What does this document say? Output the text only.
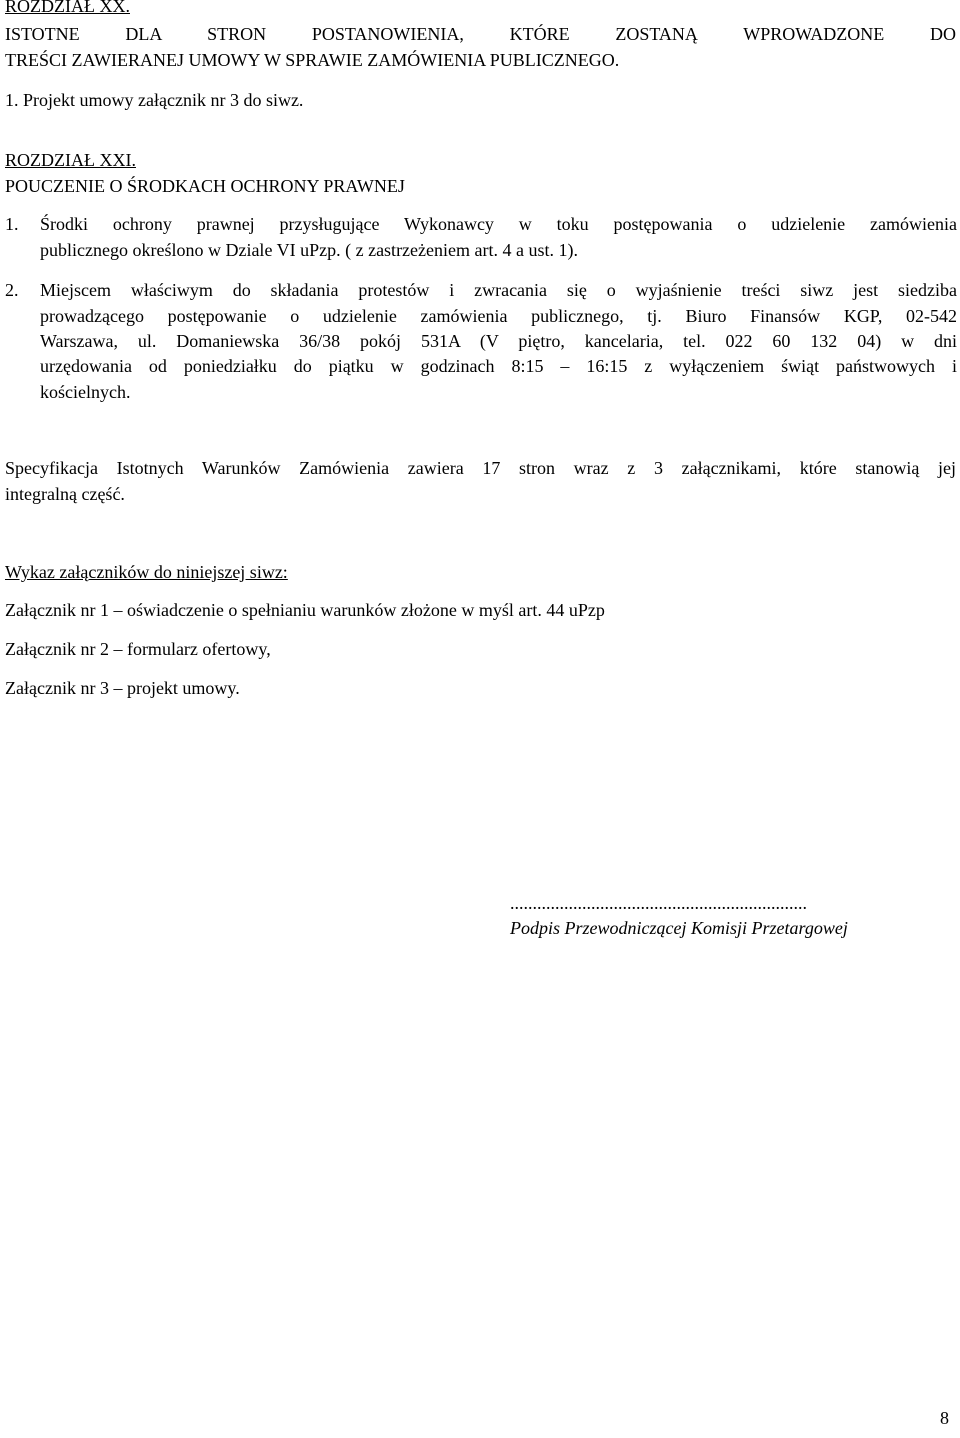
ROZDZIAŁ XX.
ISTOTNE DLA STRON POSTANOWIENIA, KTÓRE ZOSTANĄ WPROWADZONE DO
TREŚCI ZAWIERANEJ UMOWY W SPRAWIE ZAMÓWIENIA PUBLICZNEGO.
1. Projekt umowy załącznik nr 3 do siwz.
ROZDZIAŁ XXI.
POUCZENIE O ŚRODKACH OCHRONY PRAWNEJ
1. Środki ochrony prawnej przysługujące Wykonawcy w toku postępowania o udzielenie zamówienia
publicznego określono w Dziale VI uPzp. ( z zastrzeżeniem art. 4 a ust. 1).
2. Miejscem właściwym do składania protestów i zwracania się o wyjaśnienie treści siwz jest siedziba
prowadzącego postępowanie o udzielenie zamówienia publicznego, tj. Biuro Finansów KGP, 02-542
Warszawa, ul. Domaniewska 36/38 pokój 531A (V piętro, kancelaria, tel. 022 60 132 04) w dni
urzędowania od poniedziałku do piątku w godzinach 8:15 – 16:15 z wyłączeniem świąt państwowych i
kościelnych.
Specyfikacja Istotnych Warunków Zamówienia zawiera 17 stron wraz z 3 załącznikami, które stanowią jej
integralną część.
Wykaz załączników do niniejszej siwz:
Załącznik nr 1 – oświadczenie o spełnianiu warunków złożone w myśl art. 44 uPzp
Załącznik nr 2 – formularz ofertowy,
Załącznik nr 3 – projekt umowy.
..................................................................
Podpis Przewodniczącej Komisji Przetargowej
8
